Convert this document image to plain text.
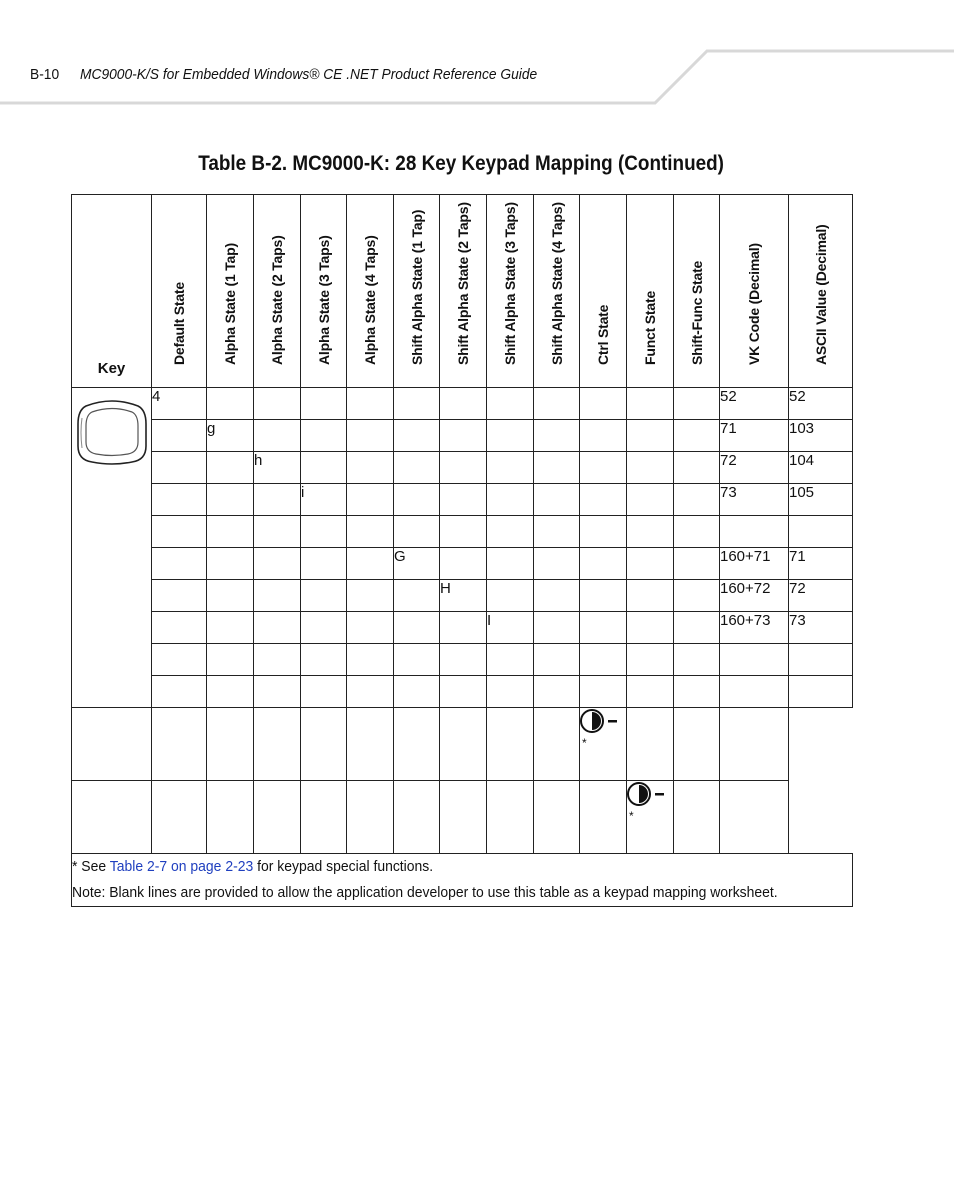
B-10 MC9000-K/S for Embedded Windows® CE .NET Product Reference Guide
Table B-2. MC9000-K: 28 Key Keypad Mapping (Continued)
Key	Default State	Alpha State (1 Tap)	Alpha State (2 Taps)	Alpha State (3 Taps)	Alpha State (4 Taps)	Shift Alpha State (1 Tap)	Shift Alpha State (2 Taps)	Shift Alpha State (3 Taps)	Shift Alpha State (4 Taps)	Ctrl State	Funct State	Shift-Func State	VK Code (Decimal)	ASCII Value (Decimal)

	4												52	52
		g											71	103
			h										72	104
				i									73	105

						G							160+71	71
							H						160+72	72
								I					160+73	73

										*				

											*			

* See Table 2-7 on page 2-23 for keypad special functions.
Note: Blank lines are provided to allow the application developer to use this table as a keypad mapping worksheet.														
